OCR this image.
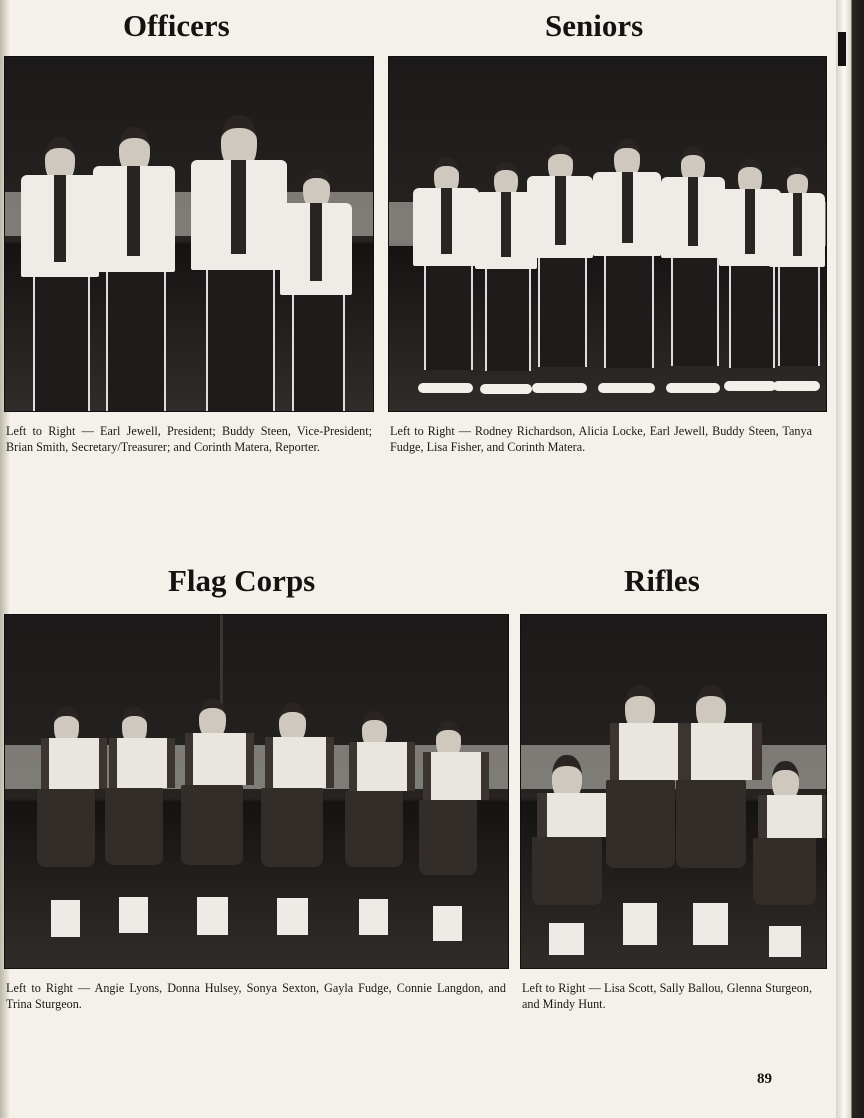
Officers	Seniors
Flag Corps	Rifles
Left to Right — Earl Jewell, President; Buddy Steen, Vice-President; Brian Smith, Secretary/Treasurer; and Corinth Matera, Reporter.
Left to Right — Rodney Richardson, Alicia Locke, Earl Jewell, Buddy Steen, Tanya Fudge, Lisa Fisher, and Corinth Matera.
Left to Right — Angie Lyons, Donna Hulsey, Sonya Sexton, Gayla Fudge, Connie Langdon, and Trina Sturgeon.
Left to Right — Lisa Scott, Sally Ballou, Glenna Sturgeon, and Mindy Hunt.
89
